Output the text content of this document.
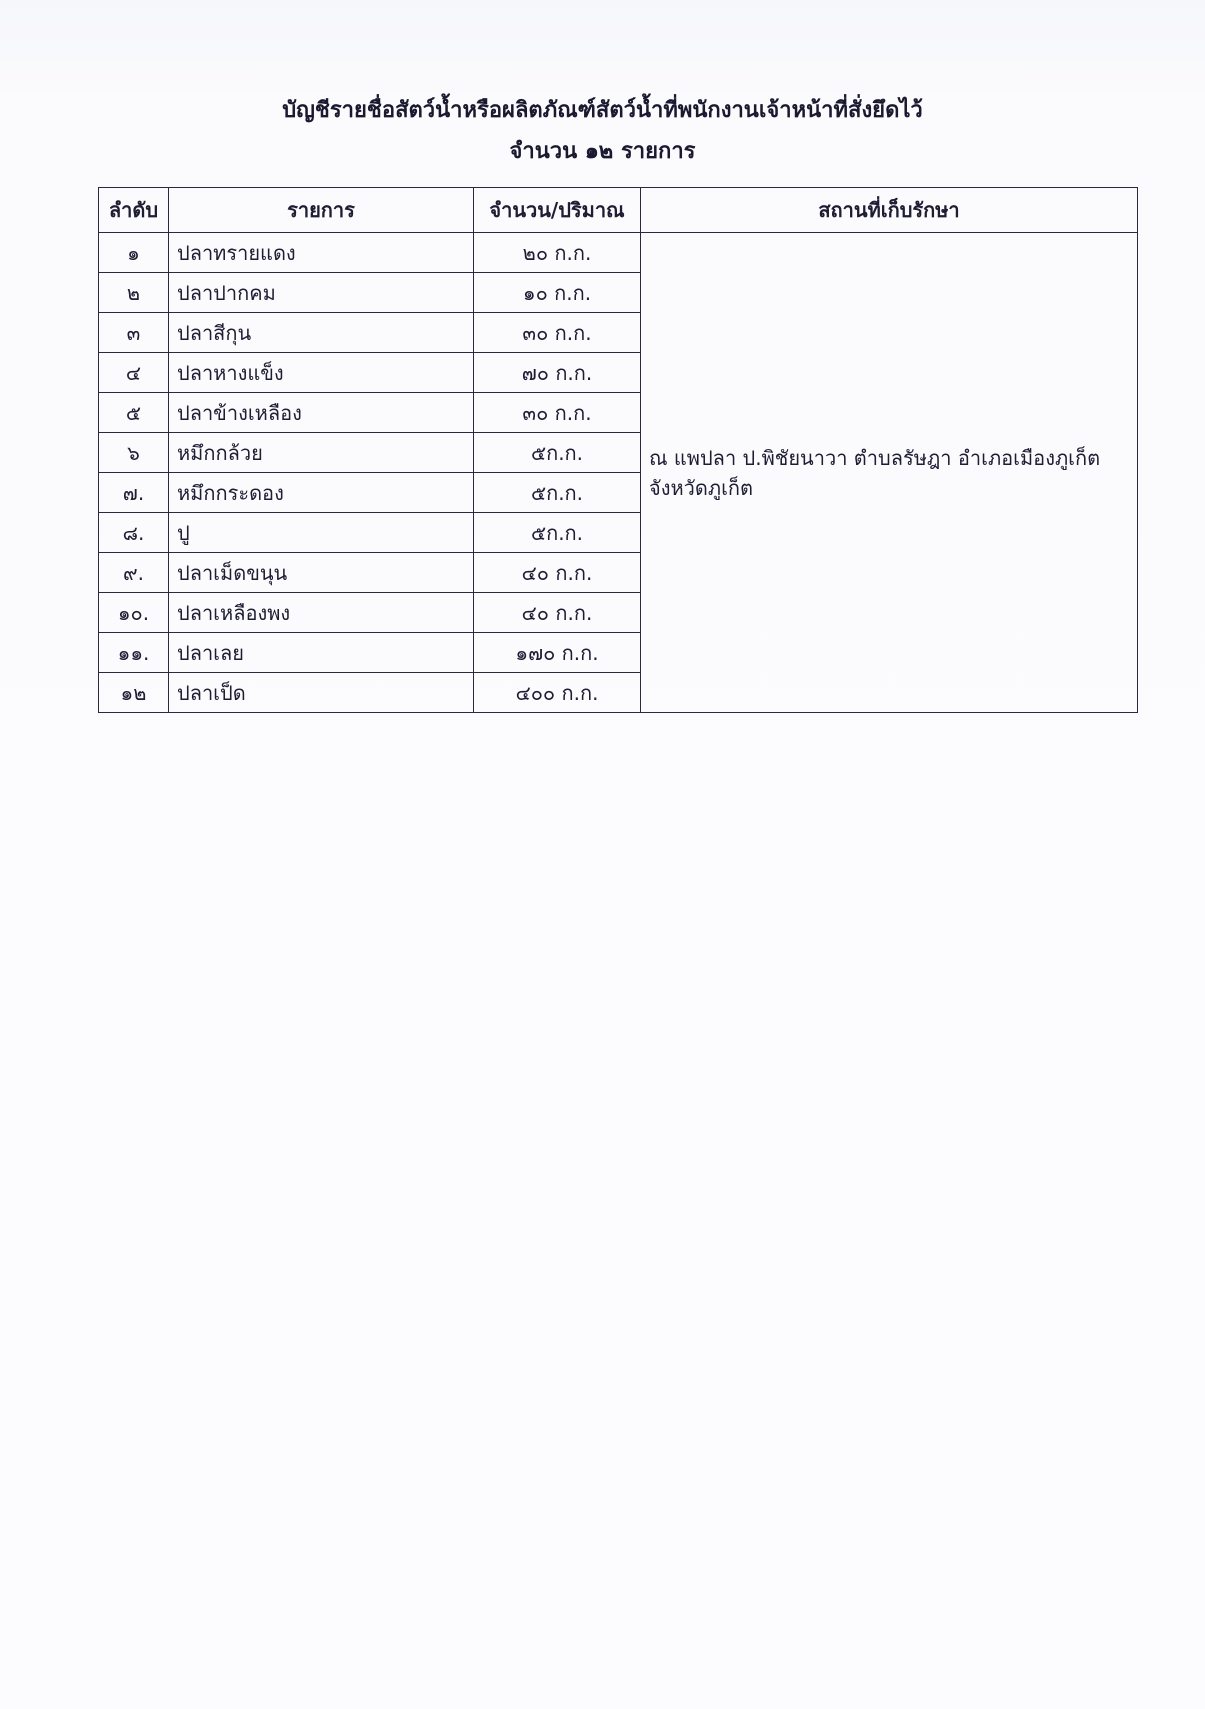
บัญชีรายชื่อสัตว์น้ำหรือผลิตภัณฑ์สัตว์น้ำที่พนักงานเจ้าหน้าที่สั่งยึดไว้
จำนวน ๑๒ รายการ
ลำดับ	รายการ	จำนวน/ปริมาณ	สถานที่เก็บรักษา
๑	ปลาทรายแดง	๒๐ ก.ก.	ณ แพปลา ป.พิชัยนาวา ตำบลรัษฎา อำเภอเมืองภูเก็ต
จังหวัดภูเก็ต
๒	ปลาปากคม	๑๐ ก.ก.	
๓	ปลาสีกุน	๓๐ ก.ก.	
๔	ปลาหางแข็ง	๗๐ ก.ก.	
๕	ปลาข้างเหลือง	๓๐ ก.ก.	
๖	หมึกกล้วย	๕ก.ก.	
๗.	หมึกกระดอง	๕ก.ก.	
๘.	ปู	๕ก.ก.	
๙.	ปลาเม็ดขนุน	๔๐ ก.ก.	
๑๐.	ปลาเหลืองพง	๔๐ ก.ก.	
๑๑.	ปลาเลย	๑๗๐ ก.ก.	
๑๒	ปลาเป็ด	๔๐๐ ก.ก.	
